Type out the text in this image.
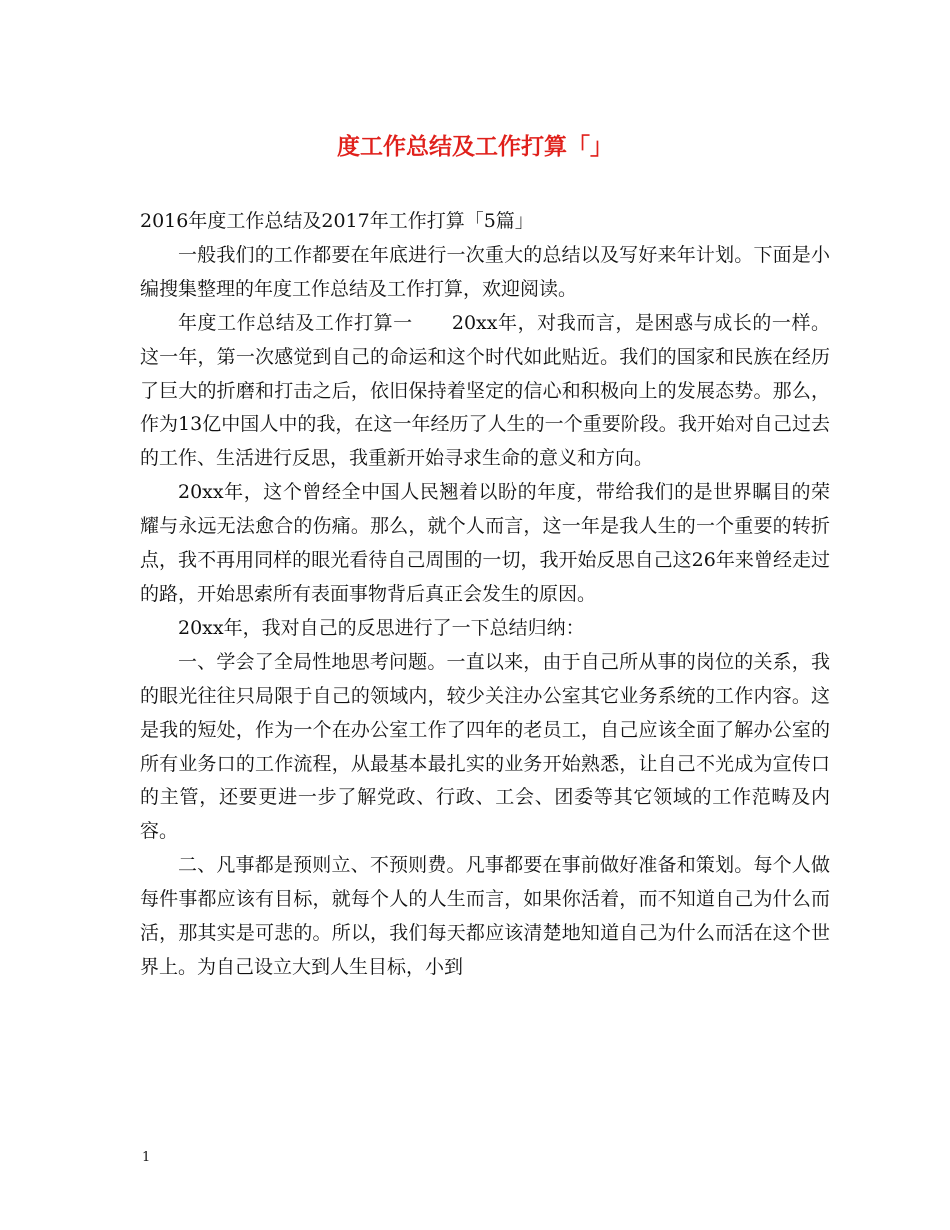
度工作总结及工作打算「」

2016年度工作总结及2017年工作打算「5篇」

一般我们的工作都要在年底进行一次重大的总结以及写好来年计划。下面是小编搜集整理的年度工作总结及工作打算，欢迎阅读。

年度工作总结及工作打算一　　20xx年，对我而言，是困惑与成长的一样。这一年，第一次感觉到自己的命运和这个时代如此贴近。我们的国家和民族在经历了巨大的折磨和打击之后，依旧保持着坚定的信心和积极向上的发展态势。那么，作为13亿中国人中的我，在这一年经历了人生的一个重要阶段。我开始对自己过去的工作、生活进行反思，我重新开始寻求生命的意义和方向。

20xx年，这个曾经全中国人民翘着以盼的年度，带给我们的是世界瞩目的荣耀与永远无法愈合的伤痛。那么，就个人而言，这一年是我人生的一个重要的转折点，我不再用同样的眼光看待自己周围的一切，我开始反思自己这26年来曾经走过的路，开始思索所有表面事物背后真正会发生的原因。

20xx年，我对自己的反思进行了一下总结归纳：

一、学会了全局性地思考问题。一直以来，由于自己所从事的岗位的关系，我的眼光往往只局限于自己的领域内，较少关注办公室其它业务系统的工作内容。这是我的短处，作为一个在办公室工作了四年的老员工，自己应该全面了解办公室的所有业务口的工作流程，从最基本最扎实的业务开始熟悉，让自己不光成为宣传口的主管，还要更进一步了解党政、行政、工会、团委等其它领域的工作范畴及内容。

二、凡事都是预则立、不预则费。凡事都要在事前做好准备和策划。每个人做每件事都应该有目标，就每个人的人生而言，如果你活着，而不知道自己为什么而活，那其实是可悲的。所以，我们每天都应该清楚地知道自己为什么而活在这个世界上。为自己设立大到人生目标，小到

1
